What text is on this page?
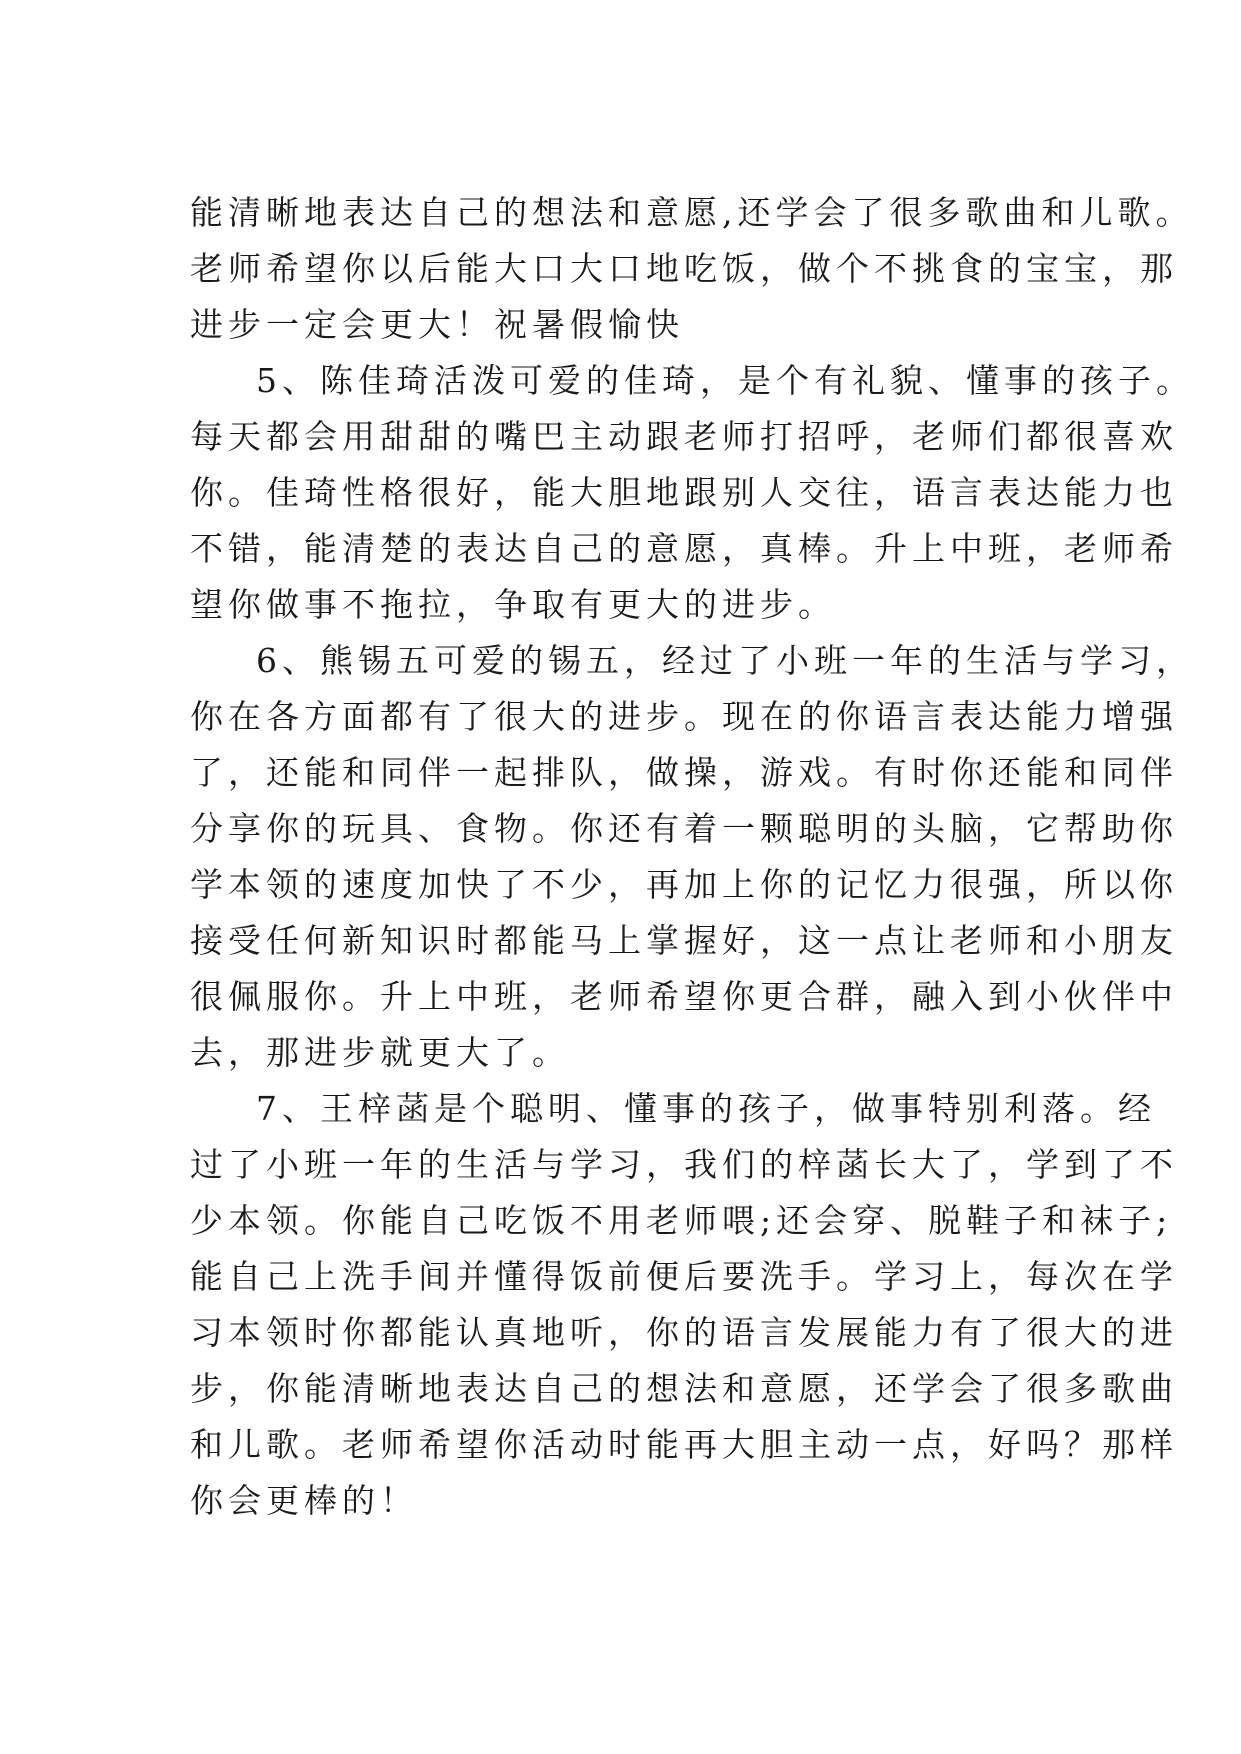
能清晰地表达自己的想法和意愿,还学会了很多歌曲和儿歌。
老师希望你以后能大口大口地吃饭，做个不挑食的宝宝，那
进步一定会更大！祝暑假愉快
5、陈佳琦活泼可爱的佳琦，是个有礼貌、懂事的孩子。
每天都会用甜甜的嘴巴主动跟老师打招呼，老师们都很喜欢
你。佳琦性格很好，能大胆地跟别人交往，语言表达能力也
不错，能清楚的表达自己的意愿，真棒。升上中班，老师希
望你做事不拖拉，争取有更大的进步。
6、熊锡五可爱的锡五，经过了小班一年的生活与学习，
你在各方面都有了很大的进步。现在的你语言表达能力增强
了，还能和同伴一起排队，做操，游戏。有时你还能和同伴
分享你的玩具、食物。你还有着一颗聪明的头脑，它帮助你
学本领的速度加快了不少，再加上你的记忆力很强，所以你
接受任何新知识时都能马上掌握好，这一点让老师和小朋友
很佩服你。升上中班，老师希望你更合群，融入到小伙伴中
去，那进步就更大了。
7、王梓菡是个聪明、懂事的孩子，做事特别利落。经
过了小班一年的生活与学习，我们的梓菡长大了，学到了不
少本领。你能自己吃饭不用老师喂;还会穿、脱鞋子和袜子;
能自己上洗手间并懂得饭前便后要洗手。学习上，每次在学
习本领时你都能认真地听，你的语言发展能力有了很大的进
步，你能清晰地表达自己的想法和意愿，还学会了很多歌曲
和儿歌。老师希望你活动时能再大胆主动一点，好吗？那样
你会更棒的！
